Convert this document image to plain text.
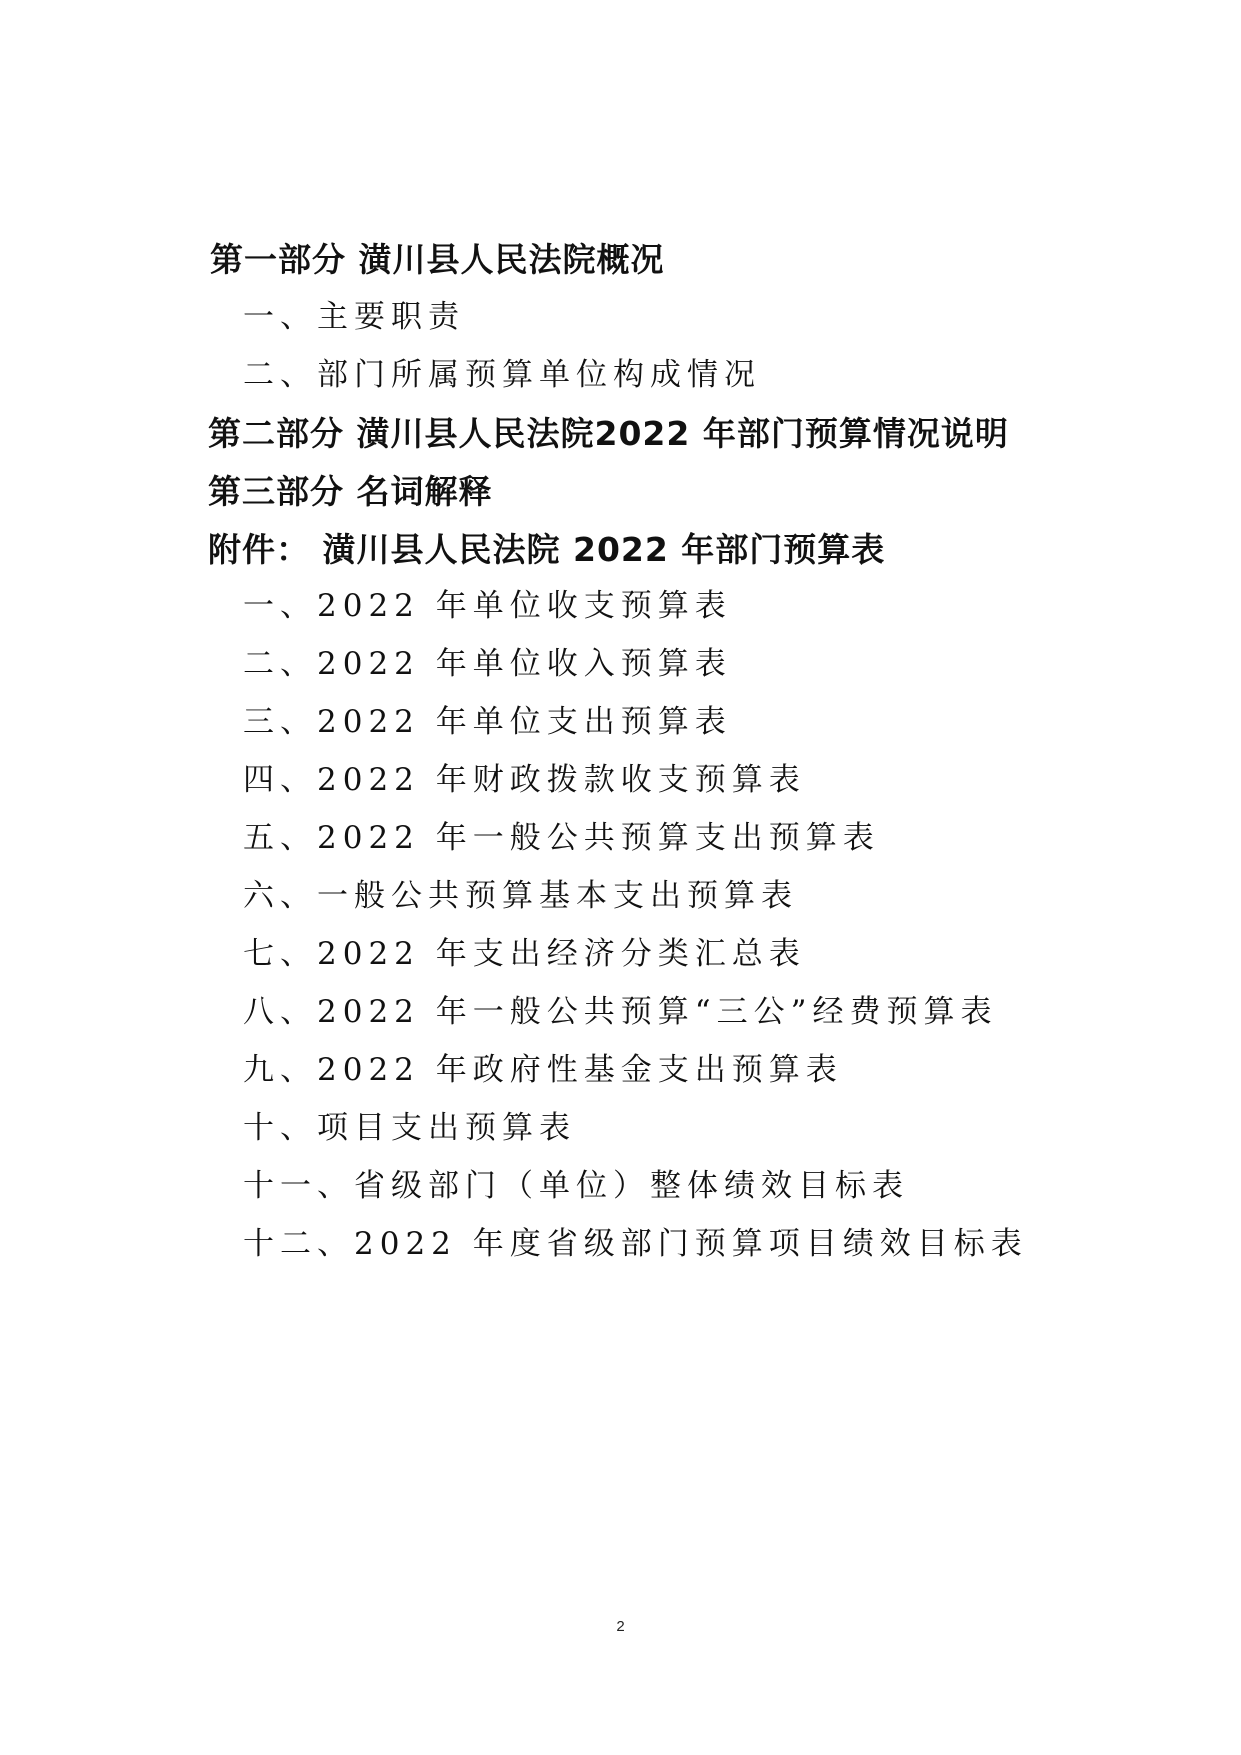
第一部分 潢川县人民法院概况
一、主要职责
二、部门所属预算单位构成情况
第二部分 潢川县人民法院2022 年部门预算情况说明
第三部分 名词解释
附件： 潢川县人民法院 2022 年部门预算表
一、2022 年单位收支预算表
二、2022 年单位收入预算表
三、2022 年单位支出预算表
四、2022 年财政拨款收支预算表
五、2022 年一般公共预算支出预算表
六、一般公共预算基本支出预算表
七、2022 年支出经济分类汇总表
八、2022 年一般公共预算“三公”经费预算表
九、2022 年政府性基金支出预算表
十、项目支出预算表
十一、省级部门（单位）整体绩效目标表
十二、2022 年度省级部门预算项目绩效目标表
2
